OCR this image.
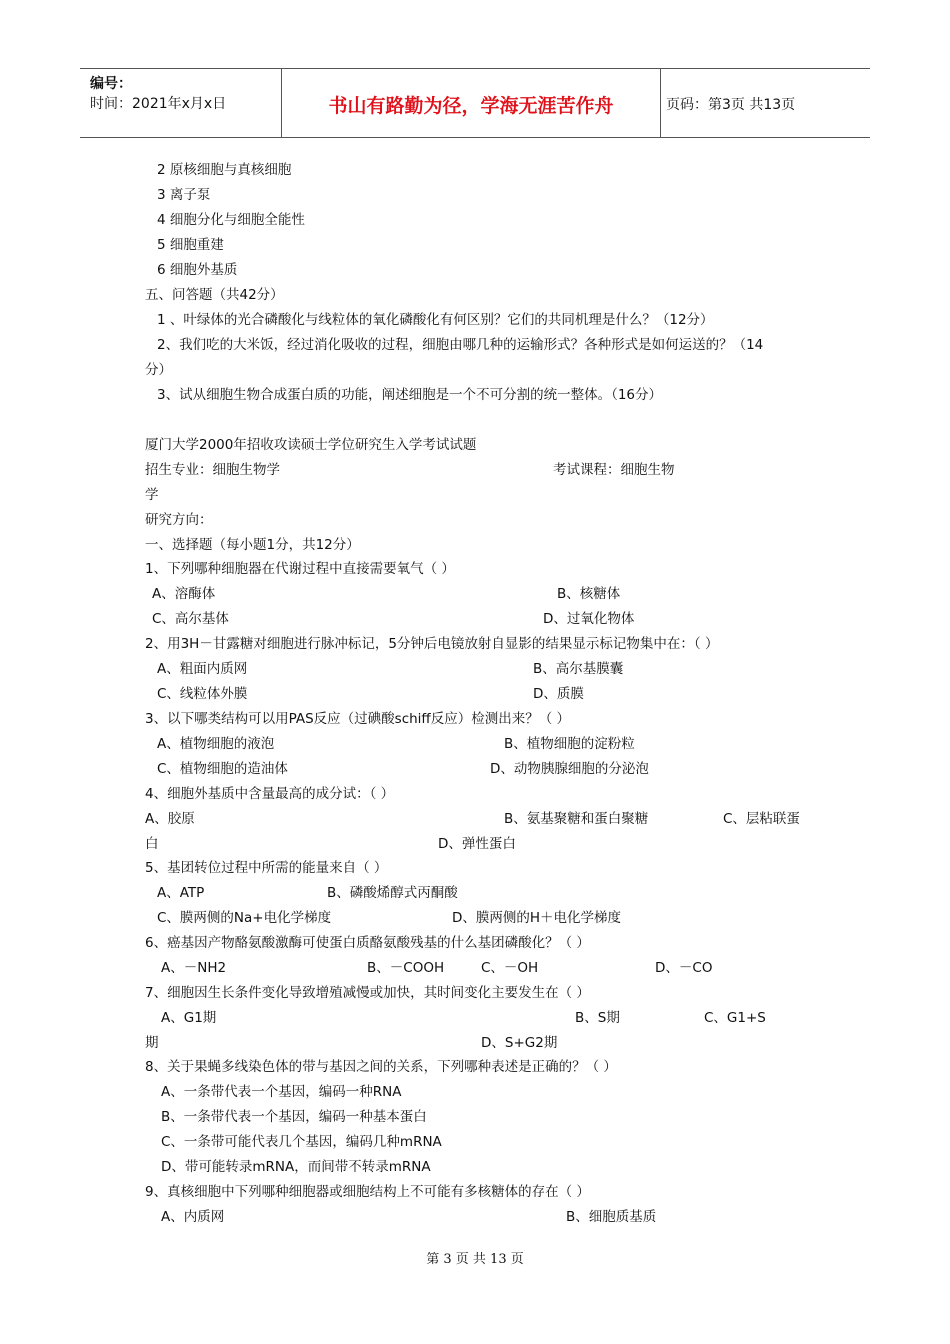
编号：
时间：2021年x月x日	书山有路勤为径，学海无涯苦作舟	页码：第3页 共13页
2 原核细胞与真核细胞
3 离子泵
4 细胞分化与细胞全能性
5 细胞重建
6 细胞外基质
五、问答题（共42分）
1 、叶绿体的光合磷酸化与线粒体的氧化磷酸化有何区别？它们的共同机理是什么？（12分）
2、我们吃的大米饭，经过消化吸收的过程，细胞由哪几种的运输形式？各种形式是如何运送的？（14
分）
3、试从细胞生物合成蛋白质的功能，阐述细胞是一个不可分割的统一整体。（16分）
厦门大学2000年招收攻读硕士学位研究生入学考试试题
招生专业：细胞生物学	考试课程：细胞生物
学
研究方向：
一、选择题（每小题1分，共12分）
1、下列哪种细胞器在代谢过程中直接需要氧气（ ）
A、溶酶体	B、核糖体
C、高尔基体	D、过氧化物体
2、用3H－甘露糖对细胞进行脉冲标记，5分钟后电镜放射自显影的结果显示标记物集中在：（ ）
A、粗面内质网	B、高尔基膜囊
C、线粒体外膜	D、质膜
3、以下哪类结构可以用PAS反应（过碘酸schiff反应）检测出来？（ ）
A、植物细胞的液泡	B、植物细胞的淀粉粒
C、植物细胞的造油体	D、动物胰腺细胞的分泌泡
4、细胞外基质中含量最高的成分试：（ ）
A、胶原	B、氨基聚糖和蛋白聚糖	C、层粘联蛋
白	D、弹性蛋白
5、基团转位过程中所需的能量来自（ ）
A、ATP	B、磷酸烯醇式丙酮酸
C、膜两侧的Na+电化学梯度	D、膜两侧的H＋电化学梯度
6、癌基因产物酪氨酸激酶可使蛋白质酪氨酸残基的什么基团磷酸化？（ ）
A、－NH2	B、－COOH	C、－OH	D、－CO
7、细胞因生长条件变化导致增殖减慢或加快，其时间变化主要发生在（ ）
A、G1期	B、S期	C、G1+S
期	D、S+G2期
8、关于果蝇多线染色体的带与基因之间的关系，下列哪种表述是正确的？（ ）
A、一条带代表一个基因，编码一种RNA
B、一条带代表一个基因，编码一种基本蛋白
C、一条带可能代表几个基因，编码几种mRNA
D、带可能转录mRNA，而间带不转录mRNA
9、真核细胞中下列哪种细胞器或细胞结构上不可能有多核糖体的存在（ ）
A、内质网	B、细胞质基质
第 3 页 共 13 页
